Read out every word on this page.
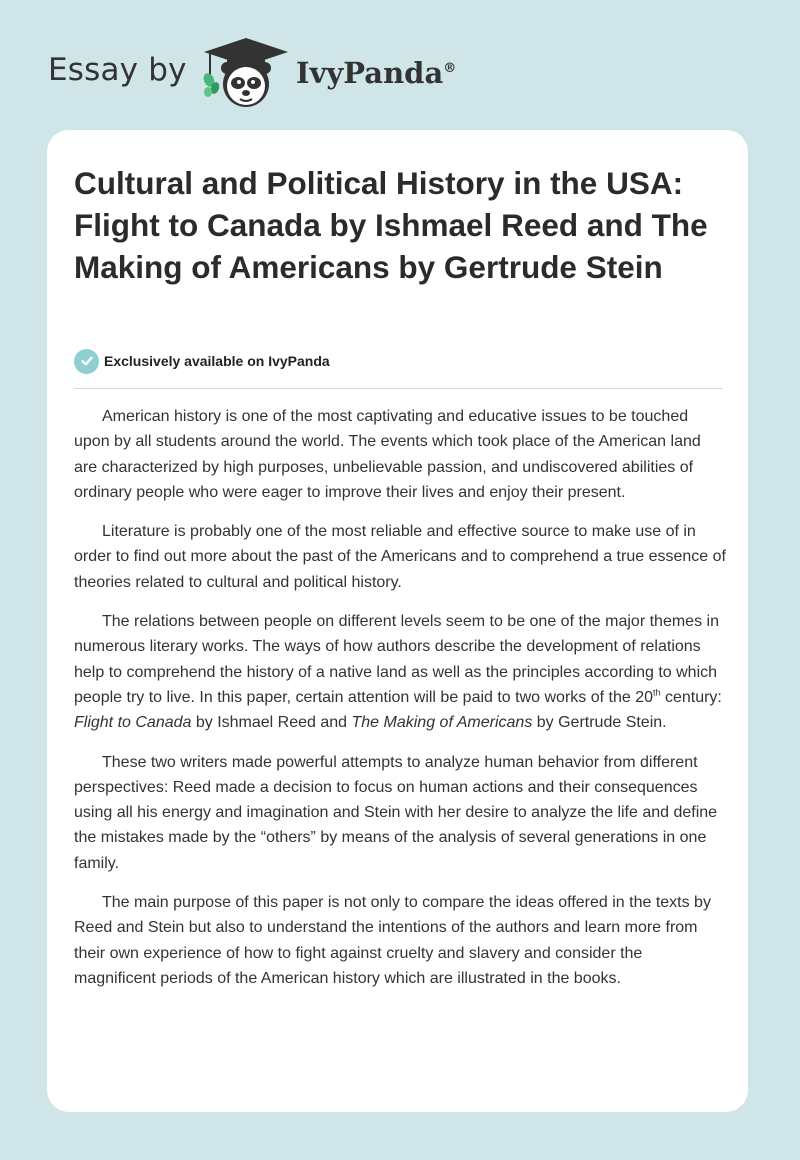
Essay by	IvyPanda®
Cultural and Political History in the USA: Flight to Canada by Ishmael Reed and The Making of Americans by Gertrude Stein
Exclusively available on IvyPanda

American history is one of the most captivating and educative issues to be touched upon by all students around the world. The events which took place of the American land are characterized by high purposes, unbelievable passion, and undiscovered abilities of ordinary people who were eager to improve their lives and enjoy their present.

Literature is probably one of the most reliable and effective source to make use of in order to find out more about the past of the Americans and to comprehend a true essence of theories related to cultural and political history.

The relations between people on different levels seem to be one of the major themes in numerous literary works. The ways of how authors describe the development of relations help to comprehend the history of a native land as well as the principles according to which people try to live. In this paper, certain attention will be paid to two works of the 20th century: Flight to Canada by Ishmael Reed and The Making of Americans by Gertrude Stein.

These two writers made powerful attempts to analyze human behavior from different perspectives: Reed made a decision to focus on human actions and their consequences using all his energy and imagination and Stein with her desire to analyze the life and define the mistakes made by the “others” by means of the analysis of several generations in one family.

The main purpose of this paper is not only to compare the ideas offered in the texts by Reed and Stein but also to understand the intentions of the authors and learn more from their own experience of how to fight against cruelty and slavery and consider the magnificent periods of the American history which are illustrated in the books.
